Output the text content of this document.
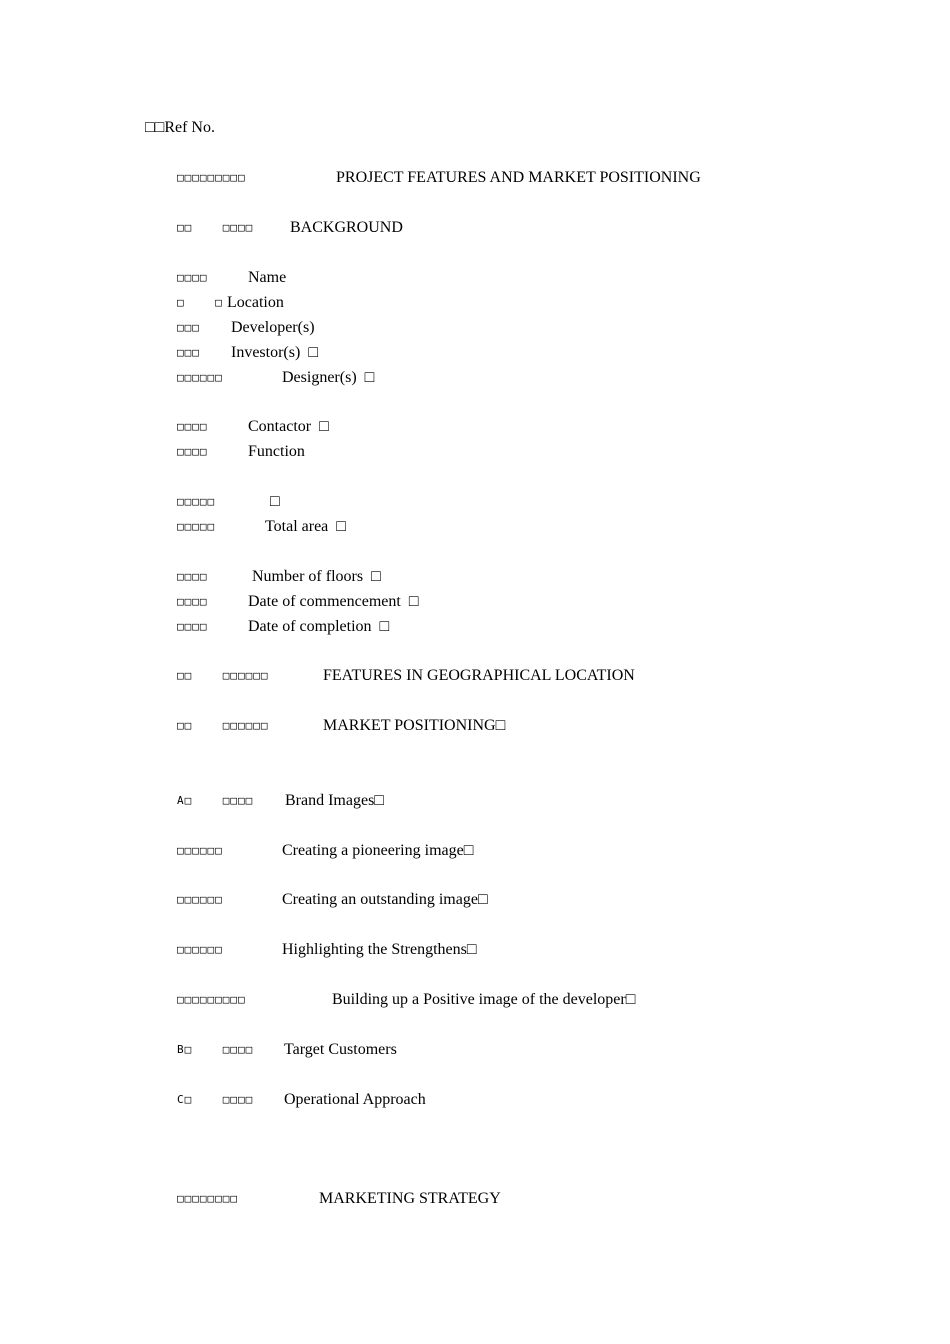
□□Ref No.
□□□□□□□□□	PROJECT FEATURES AND MARKET POSITIONING
□□    □□□□ BACKGROUND
□□□□	Name
□    □ Location
□□□ Developer(s)
□□□ Investor(s)  □
□□□□□□	Designer(s)  □
□□□□	Contactor  □
□□□□	Function
□□□□□	□
□□□□□	Total area  □
□□□□	Number of floors  □
□□□□	Date of commencement  □
□□□□	Date of completion  □
□□    □□□□□□	FEATURES IN GEOGRAPHICAL LOCATION
□□    □□□□□□	MARKET POSITIONING□
A□    □□□□ Brand Images□
□□□□□□	Creating a pioneering image□
□□□□□□	Creating an outstanding image□
□□□□□□	Highlighting the Strengthens□
□□□□□□□□□	Building up a Positive image of the developer□
B□    □□□□ Target Customers
C□    □□□□ Operational Approach
□□□□□□□□	MARKETING STRATEGY
